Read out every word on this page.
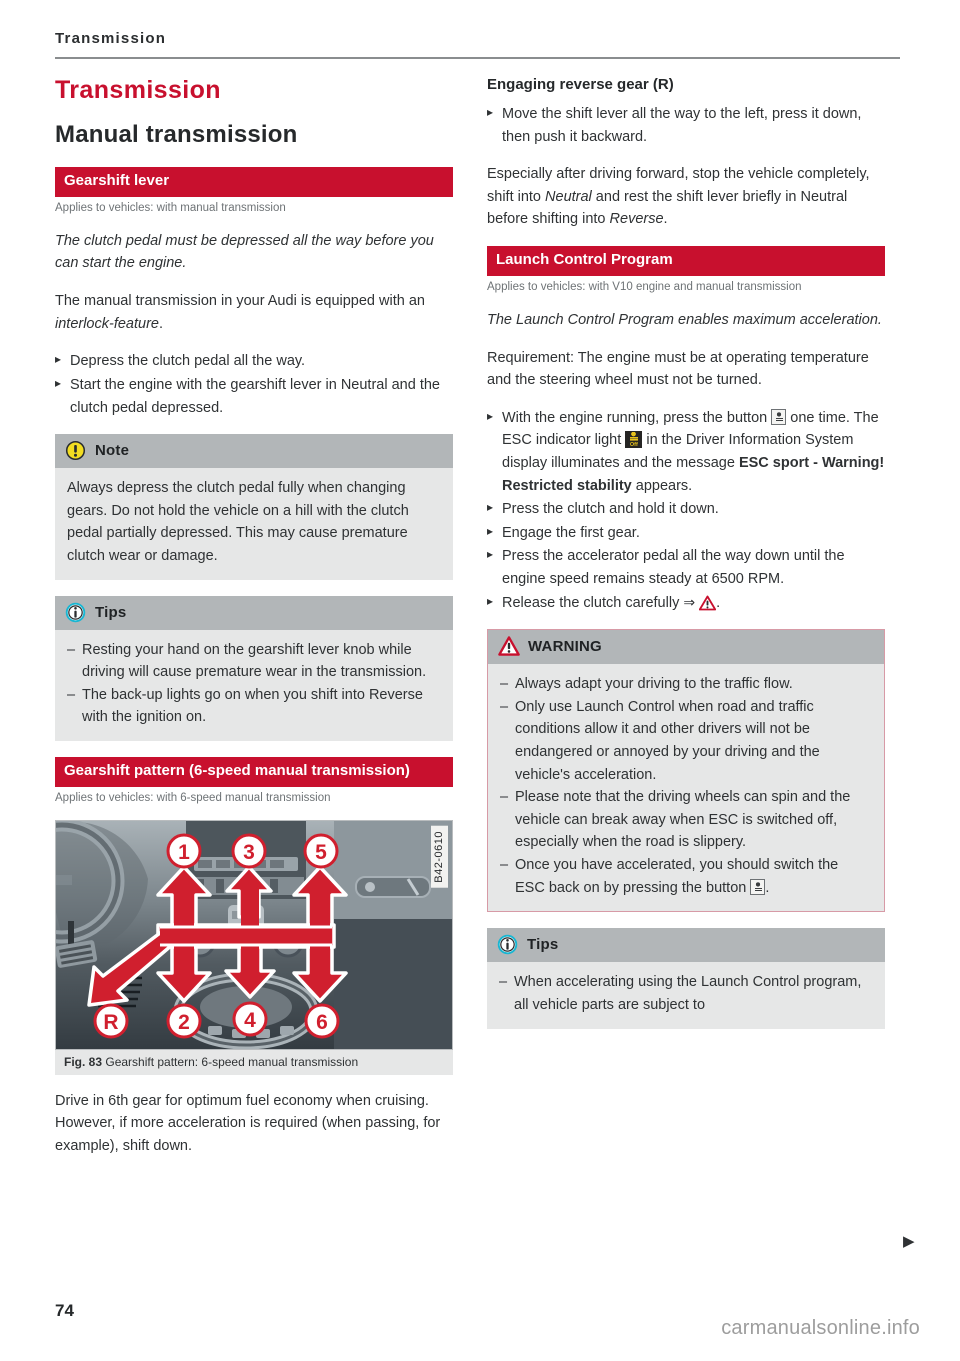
Transmission
Transmission
Manual transmission
Gearshift lever
Applies to vehicles: with manual transmission

The clutch pedal must be depressed all the way before you can start the engine.

The manual transmission in your Audi is equipped with an interlock-feature.

▸ Depress the clutch pedal all the way.
▸ Start the engine with the gearshift lever in Neutral and the clutch pedal depressed.
Note

Always depress the clutch pedal fully when changing gears. Do not hold the vehicle on a hill with the clutch pedal partially depressed. This may cause premature clutch wear or damage.

Tips
– Resting your hand on the gearshift lever knob while driving will cause premature wear in the transmission.
– The back-up lights go on when you shift into Reverse with the ignition on.
Gearshift pattern (6-speed manual transmission)
Applies to vehicles: with 6-speed manual transmission
1	3	5
R	2	4	6
B42-0610
Fig. 83 Gearshift pattern: 6-speed manual transmission

Drive in 6th gear for optimum fuel economy when cruising. However, if more acceleration is required (when passing, for example), shift down.

Engaging reverse gear (R)
▸ Move the shift lever all the way to the left, press it down, then push it backward.

Especially after driving forward, stop the vehicle completely, shift into Neutral and rest the shift lever briefly in Neutral before shifting into Reverse.

Launch Control Program
Applies to vehicles: with V10 engine and manual transmission

The Launch Control Program enables maximum acceleration.

Requirement: The engine must be at operating temperature and the steering wheel must not be turned.

▸ With the engine running, press the button  one time. The ESC indicator light Off in the Driver Information System display illuminates and the message ESC sport - Warning! Restricted stability appears.
▸ Press the clutch and hold it down.
▸ Engage the first gear.
▸ Press the accelerator pedal all the way down until the engine speed remains steady at 6500 RPM.
▸ Release the clutch carefully ⇒ .
WARNING
– Always adapt your driving to the traffic flow.
– Only use Launch Control when road and traffic conditions allow it and other drivers will not be endangered or annoyed by your driving and the vehicle's acceleration.
– Please note that the driving wheels can spin and the vehicle can break away when ESC is switched off, especially when the road is slippery.
– Once you have accelerated, you should switch the ESC back on by pressing the button .
Tips
– When accelerating using the Launch Control program, all vehicle parts are subject to
▶
74
carmanualsonline.info
